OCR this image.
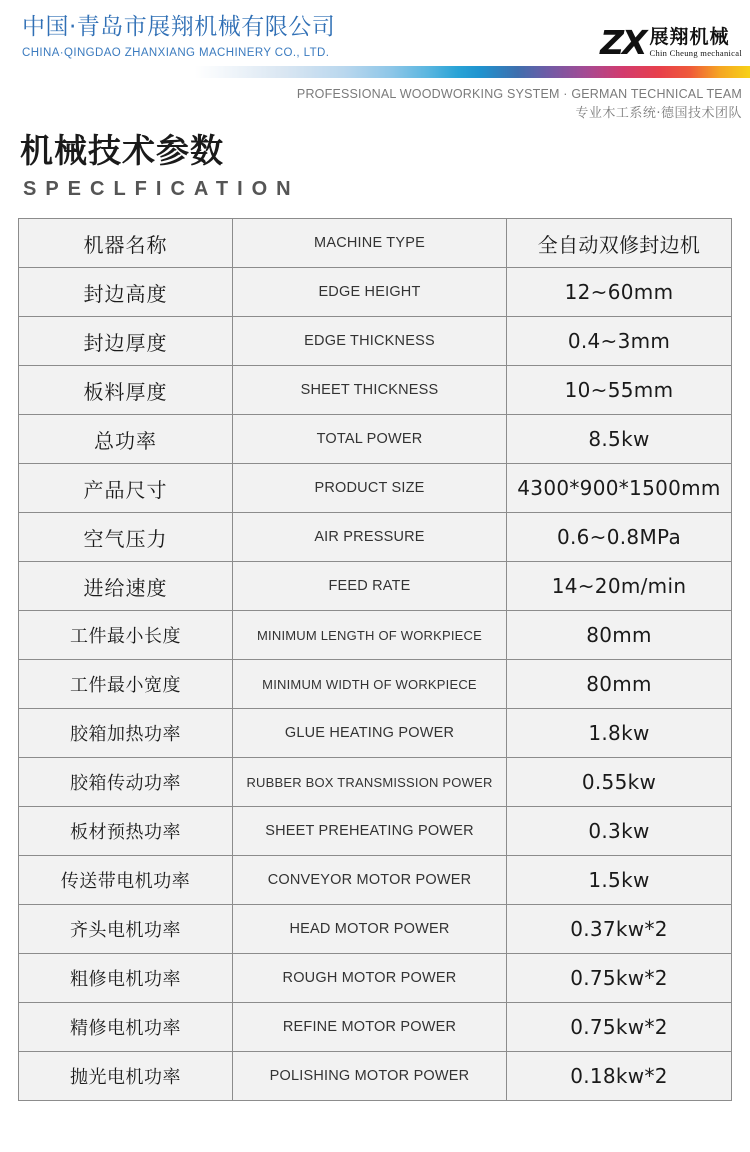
中国·青岛市展翔机械有限公司
CHINA·QINGDAO ZHANXIANG MACHINERY CO., LTD.	ZX 展翔机械
Chin Cheung mechanical
PROFESSIONAL WOODWORKING SYSTEM · GERMAN TECHNICAL TEAM
专业木工系统·德国技术团队
机械技术参数
SPECLFICATION
机器名称	MACHINE TYPE	全自动双修封边机
封边高度	EDGE HEIGHT	12~60mm
封边厚度	EDGE THICKNESS	0.4~3mm
板料厚度	SHEET THICKNESS	10~55mm
总功率	TOTAL POWER	8.5kw
产品尺寸	PRODUCT SIZE	4300*900*1500mm
空气压力	AIR PRESSURE	0.6~0.8MPa
进给速度	FEED RATE	14~20m/min
工件最小长度	MINIMUM LENGTH OF WORKPIECE	80mm
工件最小宽度	MINIMUM WIDTH OF WORKPIECE	80mm
胶箱加热功率	GLUE HEATING POWER	1.8kw
胶箱传动功率	RUBBER BOX TRANSMISSION POWER	0.55kw
板材预热功率	SHEET PREHEATING POWER	0.3kw
传送带电机功率	CONVEYOR MOTOR POWER	1.5kw
齐头电机功率	HEAD MOTOR POWER	0.37kw*2
粗修电机功率	ROUGH MOTOR POWER	0.75kw*2
精修电机功率	REFINE MOTOR POWER	0.75kw*2
抛光电机功率	POLISHING MOTOR POWER	0.18kw*2
